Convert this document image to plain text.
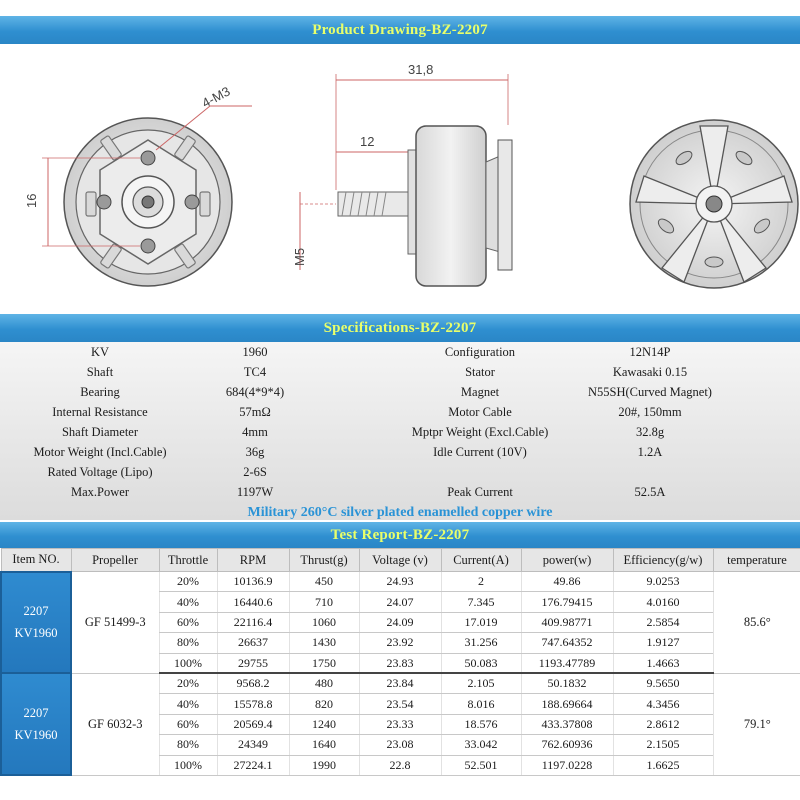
Product Drawing-BZ-2207
4-M3
16
31,8
12
M5
Specifications-BZ-2207
KV	1960	Configuration	12N14P
Shaft	TC4	Stator	Kawasaki 0.15
Bearing	684(4*9*4)	Magnet	N55SH(Curved Magnet)
Internal Resistance	57mΩ	Motor Cable	20#, 150mm
Shaft Diameter	4mm	Mptpr Weight (Excl.Cable)	32.8g
Motor Weight (Incl.Cable)	36g	Idle Current (10V)	1.2A
Rated Voltage (Lipo)	2-6S
Max.Power	1197W	Peak Current	52.5A
Military 260°C silver plated enamelled copper wire
Test Report-BZ-2207
Item NO.	Propeller	Throttle	RPM	Thrust(g)	Voltage (v)	Current(A)	power(w)	Efficiency(g/w)	temperature

2207
KV1960	GF 51499-3	20%	10136.9	450	24.93	2	49.86	9.0253	85.6°
		40%	16440.6	710	24.07	7.345	176.79415	4.0160	
		60%	22116.4	1060	24.09	17.019	409.98771	2.5854	
		80%	26637	1430	23.92	31.256	747.64352	1.9127	
		100%	29755	1750	23.83	50.083	1193.47789	1.4663	

2207
KV1960	GF 6032-3	20%	9568.2	480	23.84	2.105	50.1832	9.5650	79.1°
		40%	15578.8	820	23.54	8.016	188.69664	4.3456	
		60%	20569.4	1240	23.33	18.576	433.37808	2.8612	
		80%	24349	1640	23.08	33.042	762.60936	2.1505	
		100%	27224.1	1990	22.8	52.501	1197.0228	1.6625	
